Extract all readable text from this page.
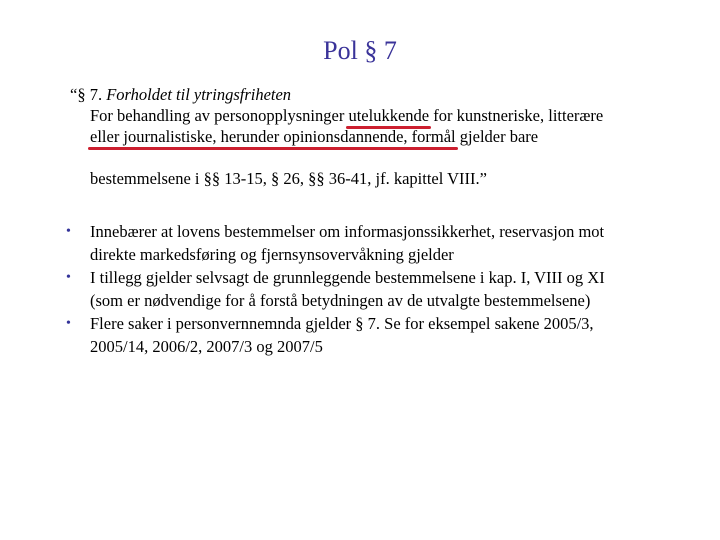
Pol § 7
“§ 7. Forholdet til ytringsfriheten
For behandling av personopplysninger utelukkende
for kunstneriske, litterære
eller journalistiske, herunder opinionsdannende, formål
gjelder bare
bestemmelsene i §§ 13-15, § 26, §§ 36-41, jf. kapittel VIII.”
• Innebærer at lovens bestemmelser om informasjonssikkerhet, reservasjon mot
direkte markedsføring og fjernsynsovervåkning gjelder
• I tillegg gjelder selvsagt de grunnleggende bestemmelsene i kap. I, VIII og XI
(som er nødvendige for å forstå betydningen av de utvalgte bestemmelsene)
• Flere saker i personvernnemnda gjelder § 7. Se for eksempel sakene 2005/3,
2005/14, 2006/2, 2007/3 og 2007/5
